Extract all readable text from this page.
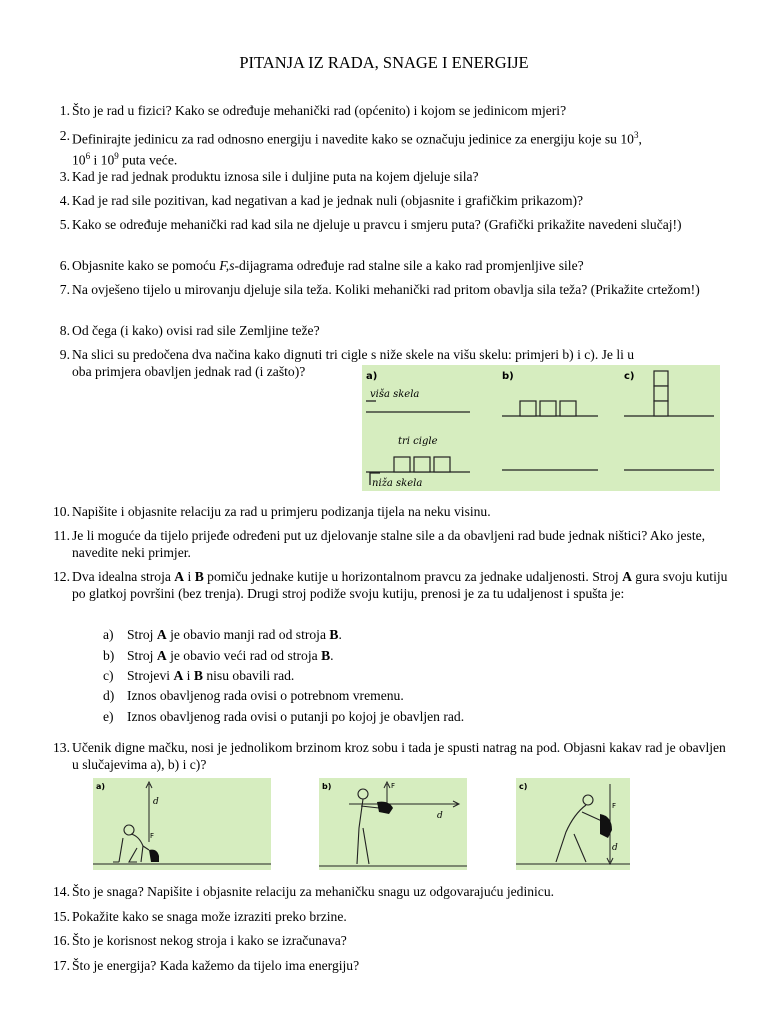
PITANJA IZ RADA, SNAGE I ENERGIJE
1. Što je rad u fizici? Kako se određuje mehanički rad (općenito) i kojom se jedinicom mjeri?
2. Definirajte jedinicu za rad odnosno energiju i navedite kako se označuju jedinice za energiju koje su $10^3$,
$10^6$ i $10^9$ puta veće.
3. Kad je rad jednak produktu iznosa sile i duljine puta na kojem djeluje sila?
4. Kad je rad sile pozitivan, kad negativan a kad je jednak nuli (objasnite i grafičkim prikazom)?
5. Kako se određuje mehanički rad kad sila ne djeluje u pravcu i smjeru puta? (Grafički prikažite navedeni slučaj!)
6. Objasnite kako se pomoću F,s-dijagrama određuje rad stalne sile a kako rad promjenljive sile?
7. Na ovješeno tijelo u mirovanju djeluje sila teža. Koliki mehanički rad pritom obavlja sila teža? (Prikažite crtežom!)
8. Od čega (i kako) ovisi rad sile Zemljine teže?
9. Na slici su predočena dva načina kako dignuti tri cigle s niže skele na višu skelu: primjeri b) i c). Je li u
oba primjera obavljen jednak rad (i zašto)?	a)	b)	c)
viša skela
tri cigle
niža skela
10. Napišite i objasnite relaciju za rad u primjeru podizanja tijela na neku visinu.
11. Je li moguće da tijelo prijeđe određeni put uz djelovanje stalne sile a da obavljeni rad bude jednak ništici? Ako jeste, navedite neki primjer.
12. Dva idealna stroja A i B pomiču jednake kutije u horizontalnom pravcu za jednake udaljenosti. Stroj A gura svoju kutiju po glatkoj površini (bez trenja). Drugi stroj podiže svoju kutiju, prenosi je za tu udaljenost i spušta je:
a) Stroj A je obavio manji rad od stroja B.
b) Stroj A je obavio veći rad od stroja B.
c) Strojevi A i B nisu obavili rad.
d) Iznos obavljenog rada ovisi o potrebnom vremenu.
e) Iznos obavljenog rada ovisi o putanji po kojoj je obavljen rad.
13. Učenik digne mačku, nosi je jednolikom brzinom kroz sobu i tada je spusti natrag na pod. Objasni kakav rad je obavljen u slučajevima a), b) i c)?
a)
d
F
b)
d
F	c)
d
F
14. Što je snaga? Napišite i objasnite relaciju za mehaničku snagu uz odgovarajuću jedinicu.
15. Pokažite kako se snaga može izraziti preko brzine.
16. Što je korisnost nekog stroja i kako se izračunava?
17. Što je energija? Kada kažemo da tijelo ima energiju?
